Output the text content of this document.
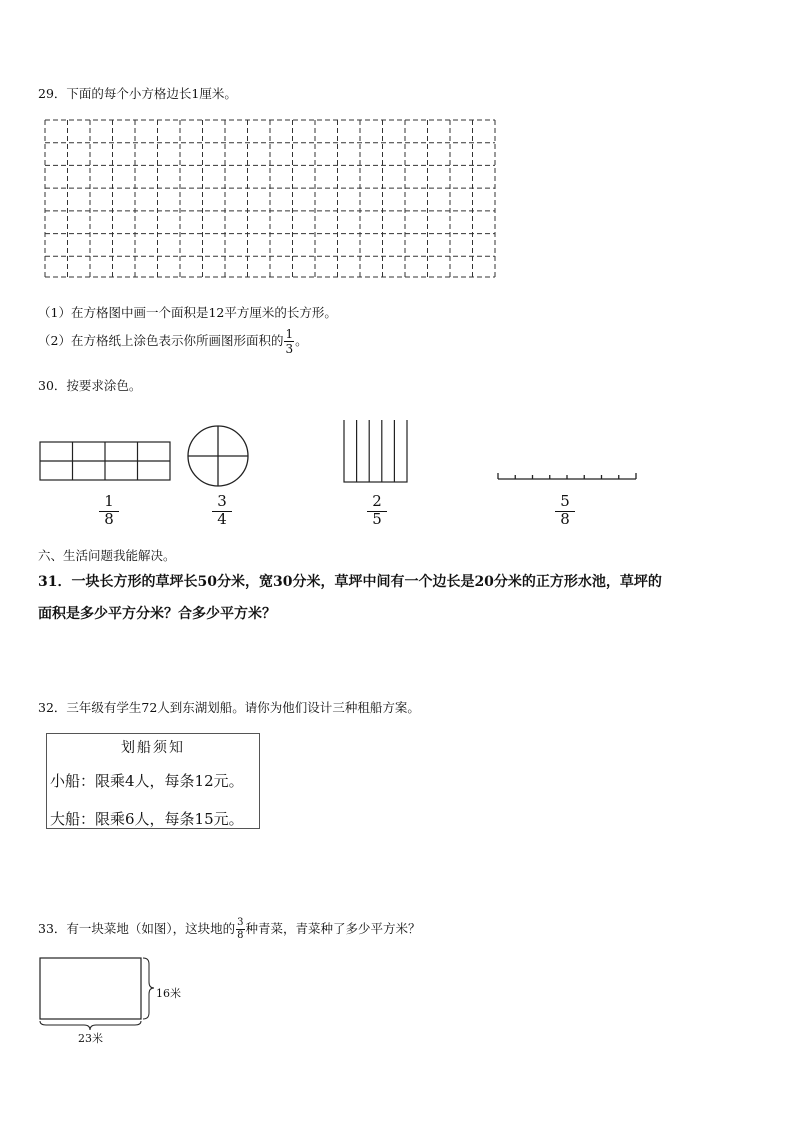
29．下面的每个小方格边长1厘米。
（1）在方格图中画一个面积是12平方厘米的长方形。
（2）在方格纸上涂色表示你所画图形面积的 $\frac{1}{3}$ 。
30．按要求涂色。
$\frac{1}{8}$	$\frac{3}{4}$	$\frac{2}{5}$	$\frac{5}{8}$
六、生活问题我能解决。
31．一块长方形的草坪长50分米，宽30分米，草坪中间有一个边长是20分米的正方形水池，草坪的
面积是多少平方分米？合多少平方米？
32．三年级有学生72人到东湖划船。请你为他们设计三种租船方案。
划船须知
小船：限乘4人，每条12元。
大船：限乘6人，每条15元。
33．有一块菜地（如图），这块地的 $\frac{3}{8}$ 种青菜，青菜种了多少平方米？
16米
23米
